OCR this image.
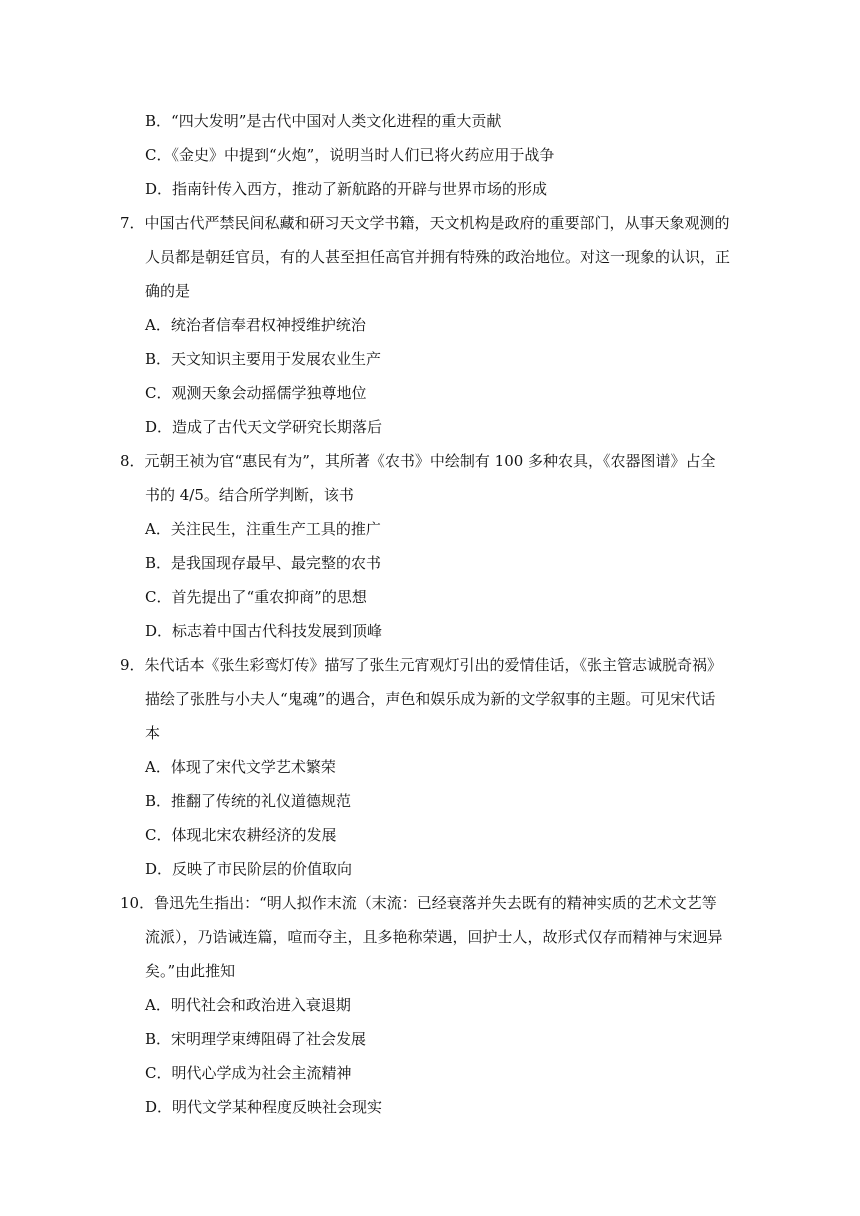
B．“四大发明”是古代中国对人类文化进程的重大贡献
C．《金史》中提到“火炮”，说明当时人们已将火药应用于战争
D．指南针传入西方，推动了新航路的开辟与世界市场的形成
7．中国古代严禁民间私藏和研习天文学书籍，天文机构是政府的重要部门，从事天象观测的
人员都是朝廷官员，有的人甚至担任高官并拥有特殊的政治地位。对这一现象的认识，正
确的是
A．统治者信奉君权神授维护统治
B．天文知识主要用于发展农业生产
C．观测天象会动摇儒学独尊地位
D．造成了古代天文学研究长期落后
8．元朝王祯为官“惠民有为”，其所著《农书》中绘制有 100 多种农具，《农器图谱》占全
书的 4/5。结合所学判断，该书
A．关注民生，注重生产工具的推广
B．是我国现存最早、最完整的农书
C．首先提出了“重农抑商”的思想
D．标志着中国古代科技发展到顶峰
9．朱代话本《张生彩鸾灯传》描写了张生元宵观灯引出的爱情佳话，《张主管志诚脱奇祸》
描绘了张胜与小夫人“鬼魂”的遇合，声色和娱乐成为新的文学叙事的主题。可见宋代话
本
A．体现了宋代文学艺术繁荣
B．推翻了传统的礼仪道德规范
C．体现北宋农耕经济的发展
D．反映了市民阶层的价值取向
10．鲁迅先生指出：“明人拟作末流（末流：已经衰落并失去既有的精神实质的艺术文艺等
流派），乃诰诫连篇，喧而夺主，且多艳称荣遇，回护士人，故形式仅存而精神与宋迥异
矣。”由此推知
A．明代社会和政治进入衰退期
B．宋明理学束缚阻碍了社会发展
C．明代心学成为社会主流精神
D．明代文学某种程度反映社会现实
